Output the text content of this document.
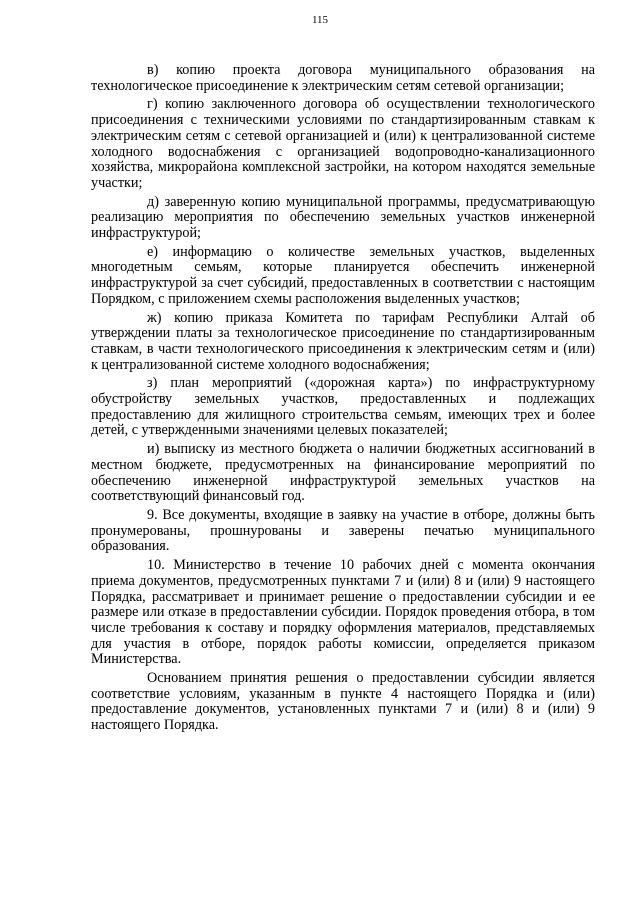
115

в) копию проекта договора муниципального образования на технологическое присоединение к электрическим сетям сетевой организации;

г) копию заключенного договора об осуществлении технологического присоединения с техническими условиями по стандартизированным ставкам к электрическим сетям с сетевой организацией и (или) к централизованной системе холодного водоснабжения с организацией водопроводно-канализационного хозяйства, микрорайона комплексной застройки, на котором находятся земельные участки;

д) заверенную копию муниципальной программы, предусматривающую реализацию мероприятия по обеспечению земельных участков инженерной инфраструктурой;

е) информацию о количестве земельных участков, выделенных многодетным семьям, которые планируется обеспечить инженерной инфраструктурой за счет субсидий, предоставленных в соответствии с настоящим Порядком, с приложением схемы расположения выделенных участков;

ж) копию приказа Комитета по тарифам Республики Алтай об утверждении платы за технологическое присоединение по стандартизированным ставкам, в части технологического присоединения к электрическим сетям и (или) к централизованной системе холодного водоснабжения;

з) план мероприятий («дорожная карта») по инфраструктурному обустройству земельных участков, предоставленных и подлежащих предоставлению для жилищного строительства семьям, имеющих трех и более детей, с утвержденными значениями целевых показателей;

и) выписку из местного бюджета о наличии бюджетных ассигнований в местном бюджете, предусмотренных на финансирование мероприятий по обеспечению инженерной инфраструктурой земельных участков на соответствующий финансовый год.

9. Все документы, входящие в заявку на участие в отборе, должны быть пронумерованы, прошнурованы и заверены печатью муниципального образования.

10. Министерство в течение 10 рабочих дней с момента окончания приема документов, предусмотренных пунктами 7 и (или) 8 и (или) 9 настоящего Порядка, рассматривает и принимает решение о предоставлении субсидии и ее размере или отказе в предоставлении субсидии. Порядок проведения отбора, в том числе требования к составу и порядку оформления материалов, представляемых для участия в отборе, порядок работы комиссии, определяется приказом Министерства.

Основанием принятия решения о предоставлении субсидии является соответствие условиям, указанным в пункте 4 настоящего Порядка и (или) предоставление документов, установленных пунктами 7 и (или) 8 и (или) 9 настоящего Порядка.
